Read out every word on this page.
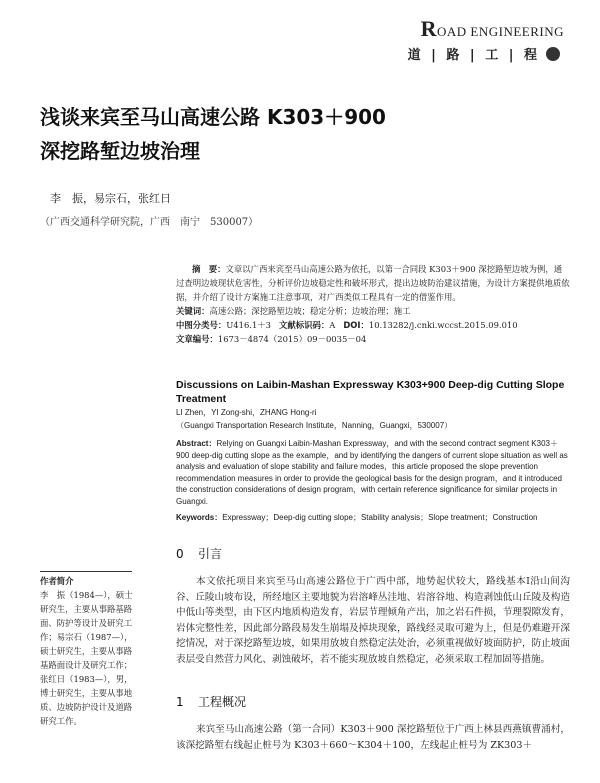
ROAD ENGINEERING
道 | 路 | 工 | 程
浅谈来宾至马山高速公路 K303＋900
深挖路堑边坡治理
李　振，易宗石，张红日
（广西交通科学研究院，广西　南宁　530007）

摘　要：文章以广西来宾至马山高速公路为依托，以第一合同段 K303＋900 深挖路堑边坡为例，通过查明边坡现状危害性，分析评价边坡稳定性和破坏形式，提出边坡防治建议措施，为设计方案提供地质依据，并介绍了设计方案施工注意事项，对广西类似工程具有一定的借鉴作用。

关键词：高速公路；深挖路堑边坡；稳定分析；边坡治理；施工

中图分类号：U416.1＋3 文献标识码：A DOI：10.13282/j.cnki.wccst.2015.09.010

文章编号：1673－4874（2015）09－0035－04

Discussions on Laibin-Mashan Expressway K303+900 Deep-dig Cutting Slope Treatment
LI Zhen，YI Zong-shi，ZHANG Hong-ri
（Guangxi Transportation Research Institute，Nanning，Guangxi，530007）
Abstract：Relying on Guangxi Laibin-Mashan Expressway，and with the second contract segment K303＋900 deep-dig cutting slope as the example，and by identifying the dangers of current slope situation as well as analysis and evaluation of slope stability and failure modes，this article proposed the slope prevention recommendation measures in order to provide the geological basis for the design program，and it introduced the construction considerations of design program，with certain reference significance for similar projects in Guangxi.
Keywords：Expressway；Deep-dig cutting slope；Stability analysis；Slope treatment；Construction
0 引言
本文依托项目来宾至马山高速公路位于广西中部，地势起伏较大，路线基本Ⅰ沿山间沟谷、丘陵山坡布设，所经地区主要地貌为岩溶峰丛洼地、岩溶谷地、构造剥蚀低山丘陵及构造中低山等类型，由下区内地质构造发育，岩层节理倾角产出，加之岩石件损，节理裂隙发育，岩体完整性差，因此部分路段易发生崩塌及掉块现象，路线经灵取可避为上，但是仍难避开深挖情况，对于深挖路堑边坡，如果用放坡自然稳定法处治，必须重视做好坡面防护，防止坡面表层受自然营力风化、剥蚀破坏，若不能实现放坡自然稳定，必须采取工程加固等措施。
1 工程概况
来宾至马山高速公路（第一合同）K303＋900 深挖路堑位于广西上林县西燕镇曹涌村，该深挖路堑右线起止桩号为 K303＋660～K304＋100，左线起止桩号为 ZK303＋
作者简介
李　振（1984—），硕士研究生，主要从事路基路面、防护等设计及研究工作；易宗石（1987—），硕士研究生，主要从事路基路面设计及研究工作；张红日（1983—），男，博士研究生，主要从事地质、边坡防护设计及道路研究工作。
